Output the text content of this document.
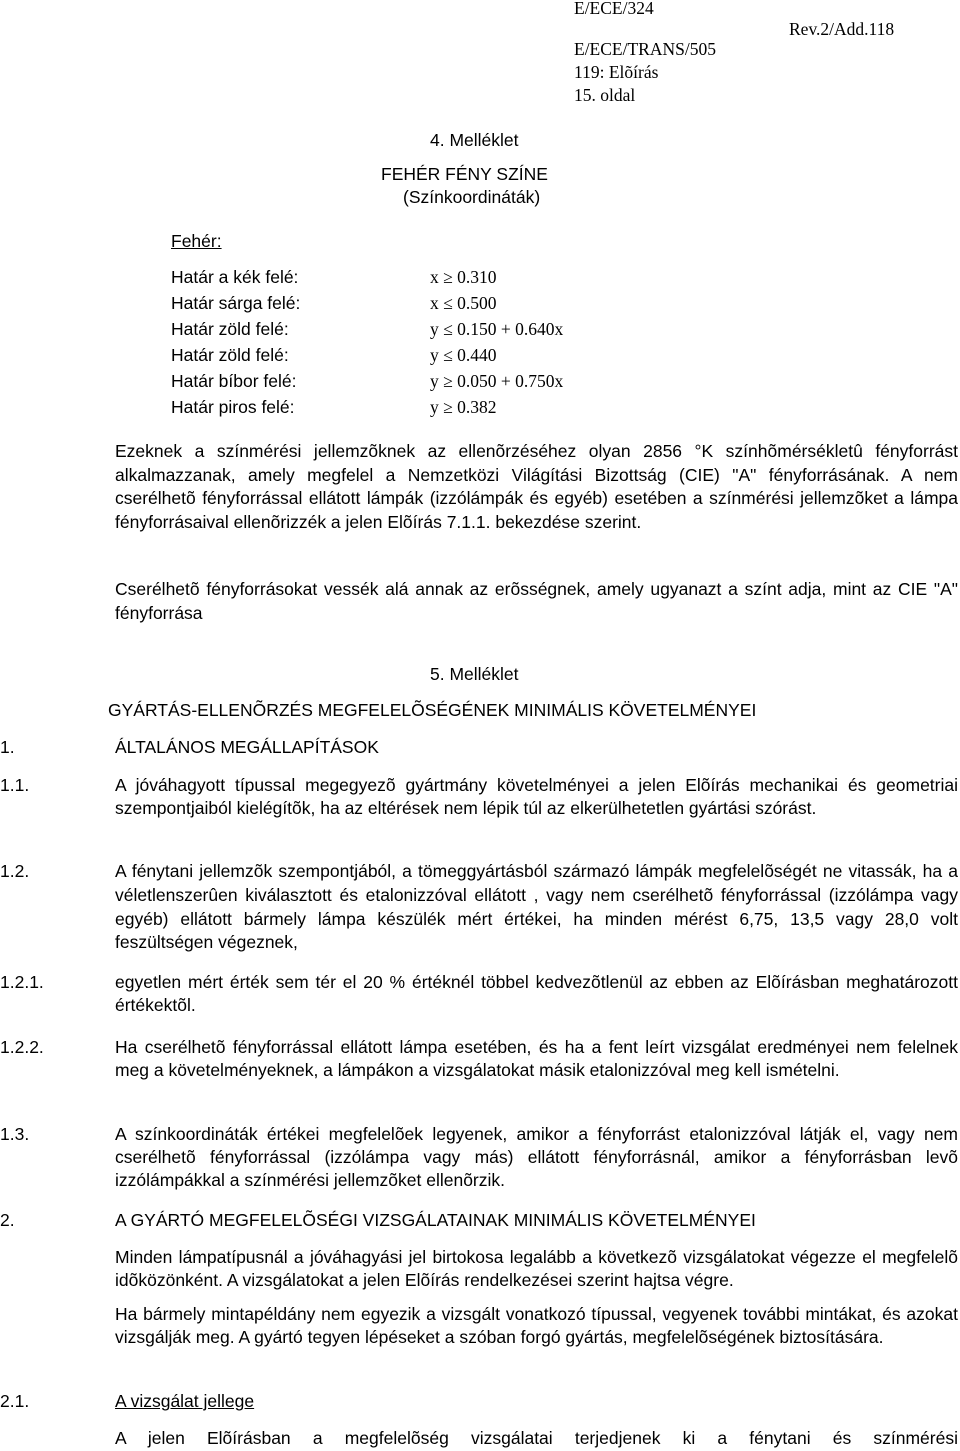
E/ECE/324
E/ECE/TRANS/505
Rev.2/Add.118
119: Elõírás
15. oldal
4. Melléklet
FEHÉR FÉNY SZÍNE
(Színkoordináták)
Fehér:
Határ a kék felé:	x ≥ 0.310
Határ sárga felé:	x ≤ 0.500
Határ zöld felé:	y ≤ 0.150 + 0.640x
Határ zöld felé:	y ≤ 0.440
Határ bíbor felé:	y ≥ 0.050 + 0.750x
Határ piros felé:	y ≥ 0.382
Ezeknek a színmérési jellemzõknek az ellenõrzéséhez olyan 2856 °K színhõmérsékletû fényforrást alkalmazzanak, amely megfelel a Nemzetközi Világítási Bizottság (CIE) "A" fényforrásának. A nem cserélhetõ fényforrással ellátott lámpák (izzólámpák és egyéb) esetében a színmérési jellemzõket a lámpa fényforrásaival ellenõrizzék a jelen Elõírás 7.1.1. bekezdése szerint.
Cserélhetõ fényforrásokat vessék alá annak az erõsségnek, amely ugyanazt a színt adja, mint az CIE "A" fényforrása
5. Melléklet
GYÁRTÁS-ELLENÕRZÉS MEGFELELÕSÉGÉNEK MINIMÁLIS KÖVETELMÉNYEI
1.	ÁLTALÁNOS MEGÁLLAPÍTÁSOK
1.1.	A jóváhagyott típussal megegyezõ gyártmány követelményei a jelen Elõírás mechanikai és geometriai szempontjaiból kielégítõk, ha az eltérések nem lépik túl az elkerülhetetlen gyártási szórást.
1.2.	A fénytani jellemzõk szempontjából, a tömeggyártásból származó lámpák megfelelõségét ne vitassák, ha a véletlenszerûen kiválasztott és etalonizzóval ellátott , vagy nem cserélhetõ fényforrással (izzólámpa vagy egyéb) ellátott bármely lámpa készülék mért értékei, ha minden mérést 6,75, 13,5 vagy 28,0 volt feszültségen végeznek,
1.2.1.	egyetlen mért érték sem tér el 20 % értéknél többel kedvezõtlenül az ebben az Elõírásban meghatározott értékektõl.
1.2.2.	Ha cserélhetõ fényforrással ellátott lámpa esetében, és ha a fent leírt vizsgálat eredményei nem felelnek meg a követelményeknek, a lámpákon a vizsgálatokat másik etalonizzóval meg kell ismételni.
1.3.	A színkoordináták értékei megfelelõek legyenek, amikor a fényforrást etalonizzóval látják el, vagy nem cserélhetõ fényforrással (izzólámpa vagy más) ellátott fényforrásnál, amikor a fényforrásban levõ izzólámpákkal a színmérési jellemzõket ellenõrzik.
2.	A GYÁRTÓ MEGFELELÕSÉGI VIZSGÁLATAINAK MINIMÁLIS KÖVETELMÉNYEI
Minden lámpatípusnál a jóváhagyási jel birtokosa legalább a következõ vizsgálatokat végezze el megfelelõ idõközönként. A vizsgálatokat a jelen Elõírás rendelkezései szerint hajtsa végre.
Ha bármely mintapéldány nem egyezik a vizsgált vonatkozó típussal, vegyenek további mintákat, és azokat vizsgálják meg. A gyártó tegyen lépéseket a szóban forgó gyártás, megfelelõségének biztosítására.
2.1.	A vizsgálat jellege
A jelen Elõírásban a megfelelõség vizsgálatai terjedjenek ki a fénytani és színmérési
